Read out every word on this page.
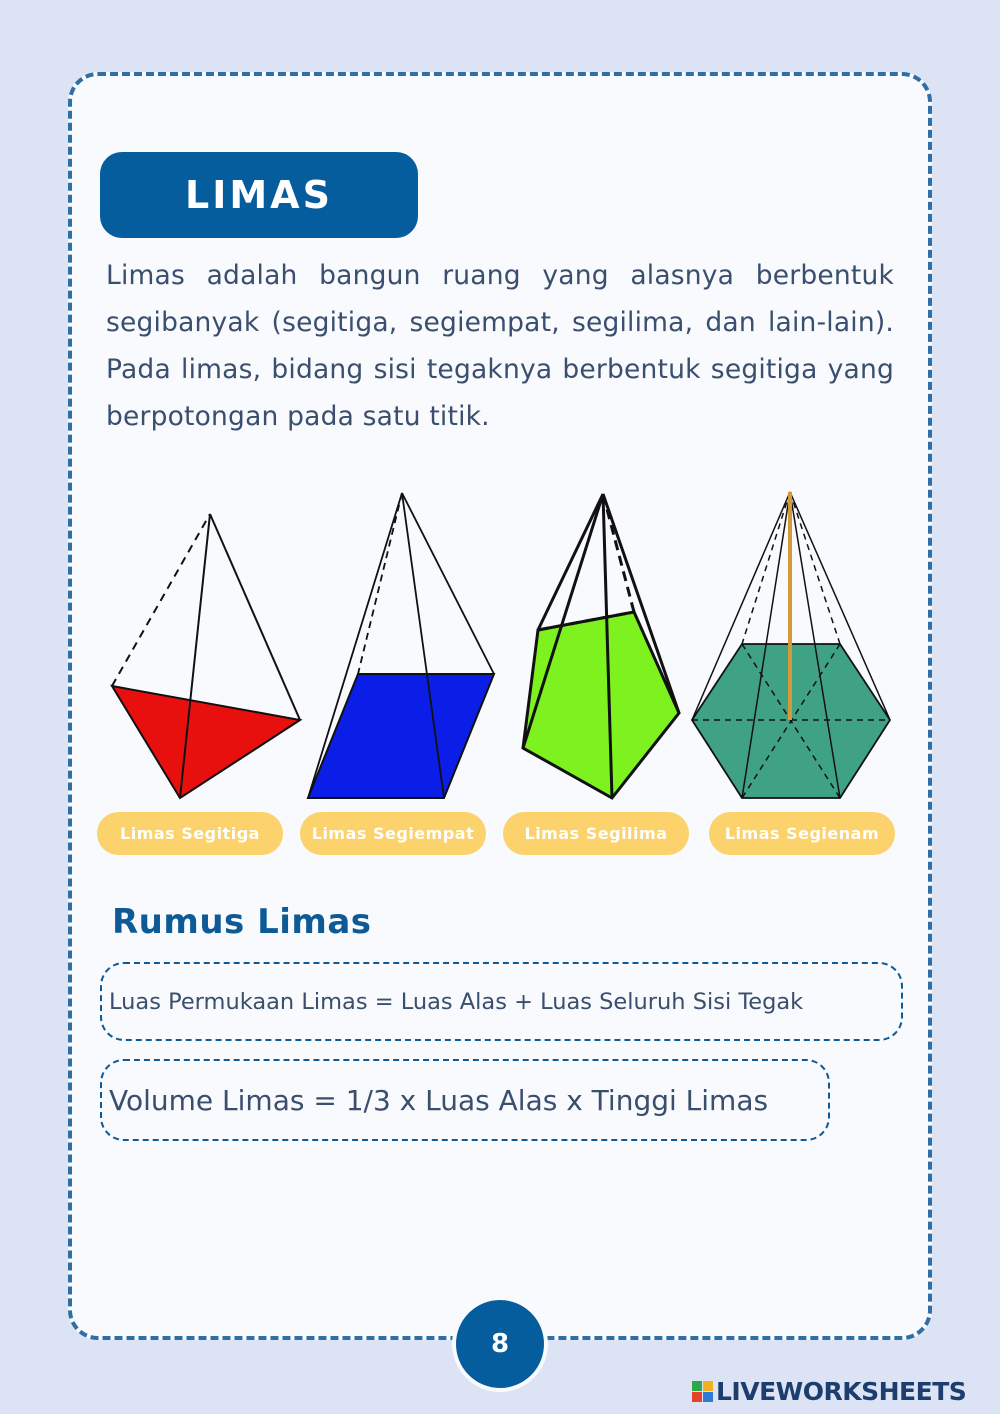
LIMAS

Limas adalah bangun ruang yang alasnya berbentuk segibanyak (segitiga, segiempat, segilima, dan lain-lain). Pada limas, bidang sisi tegaknya berbentuk segitiga yang berpotongan pada satu titik.

Limas Segitiga	Limas Segiempat	Limas Segilima	Limas Segienam
Rumus Limas
Luas Permukaan Limas = Luas Alas + Luas Seluruh Sisi Tegak
Volume Limas = 1/3 x Luas Alas x Tinggi Limas
8
LIVEWORKSHEETS
